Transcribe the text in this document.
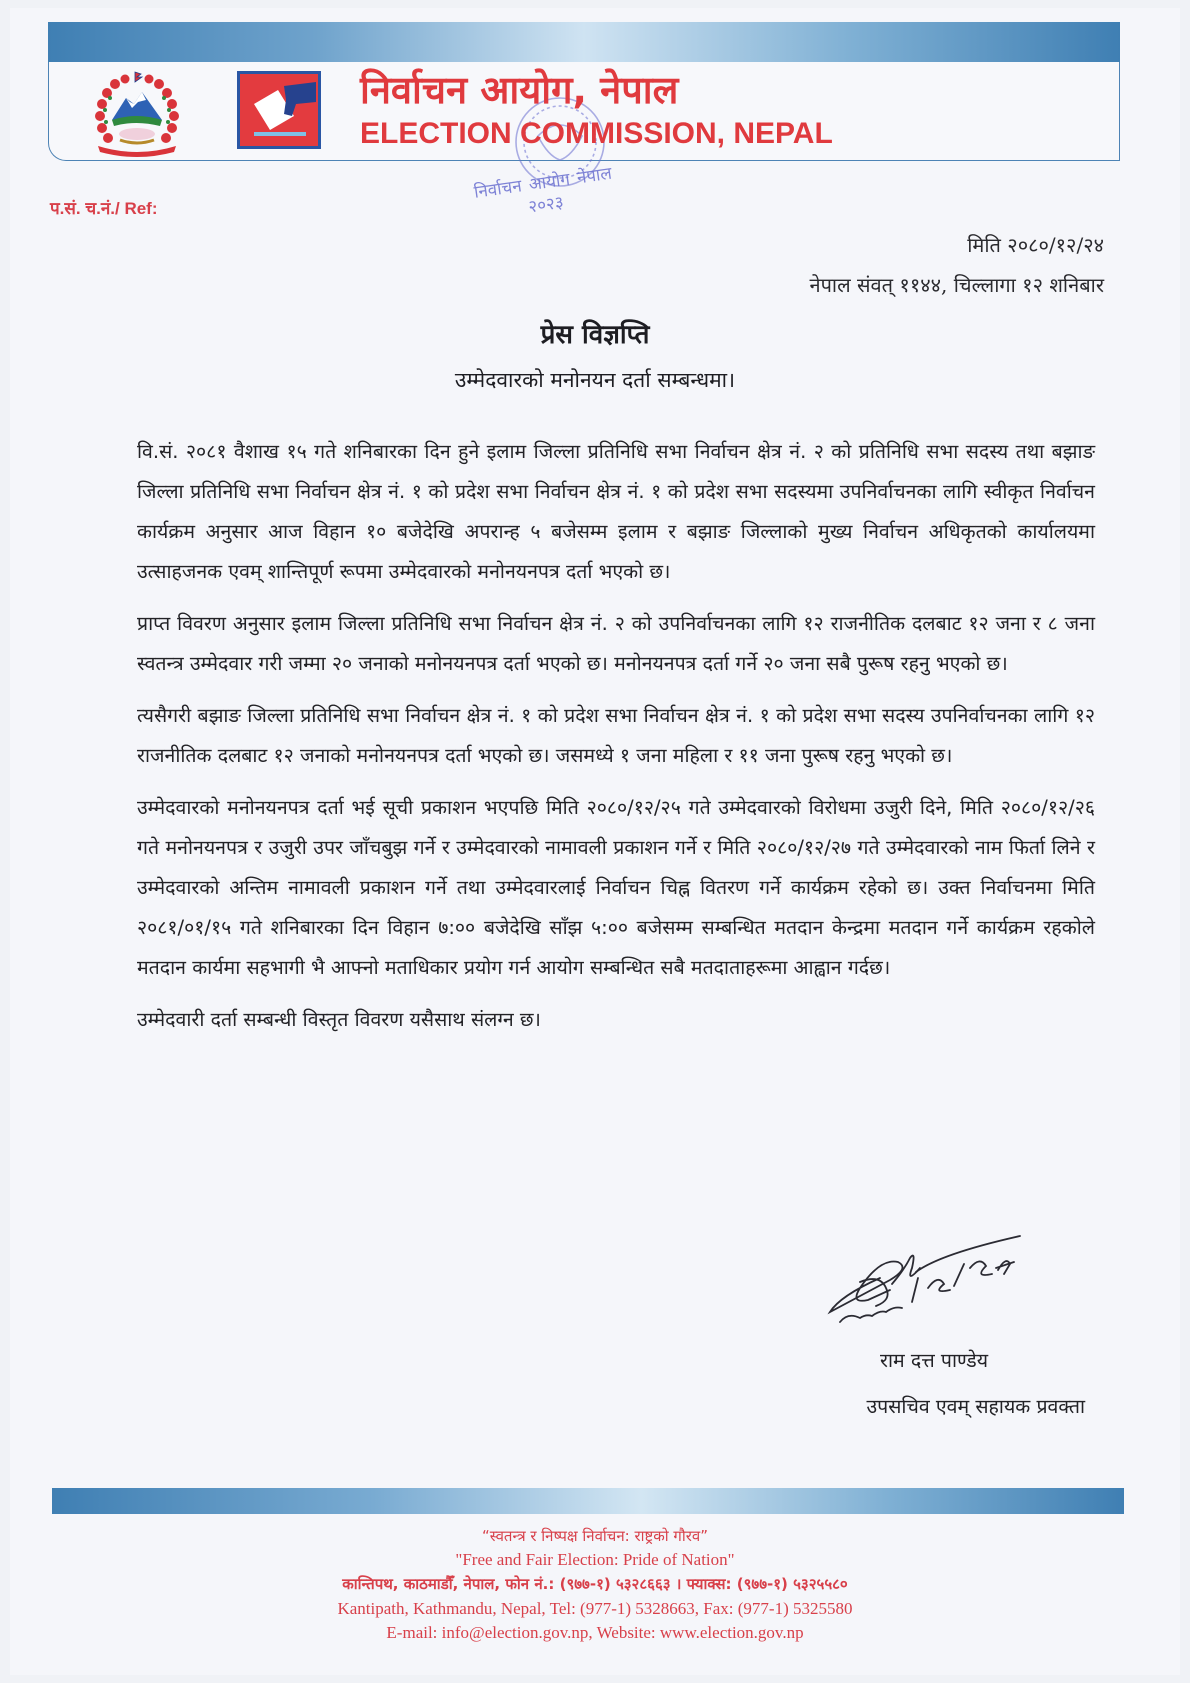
निर्वाचन आयोग, नेपाल
ELECTION COMMISSION, NEPAL
प.सं. च.नं./ Ref:
निर्वाचन आयोग नेपाल २०२३
मिति २०८०/१२/२४
नेपाल संवत् ११४४, चिल्लागा १२ शनिबार
प्रेस विज्ञप्ति
उम्मेदवारको मनोनयन दर्ता सम्बन्धमा।

वि.सं. २०८१ वैशाख १५ गते शनिबारका दिन हुने इलाम जिल्ला प्रतिनिधि सभा निर्वाचन क्षेत्र नं. २ को प्रतिनिधि सभा सदस्य तथा बझाङ जिल्ला प्रतिनिधि सभा निर्वाचन क्षेत्र नं. १ को प्रदेश सभा निर्वाचन क्षेत्र नं. १ को प्रदेश सभा सदस्यमा उपनिर्वाचनका लागि स्वीकृत निर्वाचन कार्यक्रम अनुसार आज विहान १० बजेदेखि अपरान्ह ५ बजेसम्म इलाम र बझाङ जिल्लाको मुख्य निर्वाचन अधिकृतको कार्यालयमा उत्साहजनक एवम् शान्तिपूर्ण रूपमा उम्मेदवारको मनोनयनपत्र दर्ता भएको छ।

प्राप्त विवरण अनुसार इलाम जिल्ला प्रतिनिधि सभा निर्वाचन क्षेत्र नं. २ को उपनिर्वाचनका लागि १२ राजनीतिक दलबाट १२ जना र ८ जना स्वतन्त्र उम्मेदवार गरी जम्मा २० जनाको मनोनयनपत्र दर्ता भएको छ। मनोनयनपत्र दर्ता गर्ने २० जना सबै पुरूष रहनु भएको छ।

त्यसैगरी बझाङ जिल्ला प्रतिनिधि सभा निर्वाचन क्षेत्र नं. १ को प्रदेश सभा निर्वाचन क्षेत्र नं. १ को प्रदेश सभा सदस्य उपनिर्वाचनका लागि १२ राजनीतिक दलबाट १२ जनाको मनोनयनपत्र दर्ता भएको छ। जसमध्ये १ जना महिला र ११ जना पुरूष रहनु भएको छ।

उम्मेदवारको मनोनयनपत्र दर्ता भई सूची प्रकाशन भएपछि मिति २०८०/१२/२५ गते उम्मेदवारको विरोधमा उजुरी दिने, मिति २०८०/१२/२६ गते मनोनयनपत्र र उजुरी उपर जाँचबुझ गर्ने र उम्मेदवारको नामावली प्रकाशन गर्ने र मिति २०८०/१२/२७ गते उम्मेदवारको नाम फिर्ता लिने र उम्मेदवारको अन्तिम नामावली प्रकाशन गर्ने तथा उम्मेदवारलाई निर्वाचन चिह्न वितरण गर्ने कार्यक्रम रहेको छ। उक्त निर्वाचनमा मिति २०८१/०१/१५ गते शनिबारका दिन विहान ७:०० बजेदेखि साँझ ५:०० बजेसम्म सम्बन्धित मतदान केन्द्रमा मतदान गर्ने कार्यक्रम रहकोले मतदान कार्यमा सहभागी भै आफ्नो मताधिकार प्रयोग गर्न आयोग सम्बन्धित सबै मतदाताहरूमा आह्वान गर्दछ।

उम्मेदवारी दर्ता सम्बन्धी विस्तृत विवरण यसैसाथ संलग्न छ।

राम दत्त पाण्डेय
उपसचिव एवम् सहायक प्रवक्ता
“स्वतन्त्र र निष्पक्ष निर्वाचन: राष्ट्रको गौरव”
"Free and Fair Election: Pride of Nation"
कान्तिपथ, काठमाडौँ, नेपाल, फोन नं.: (९७७-१) ५३२८६६३ । फ्याक्स: (९७७-१) ५३२५५८०
Kantipath, Kathmandu, Nepal, Tel: (977-1) 5328663, Fax: (977-1) 5325580
E-mail: info@election.gov.np, Website: www.election.gov.np
